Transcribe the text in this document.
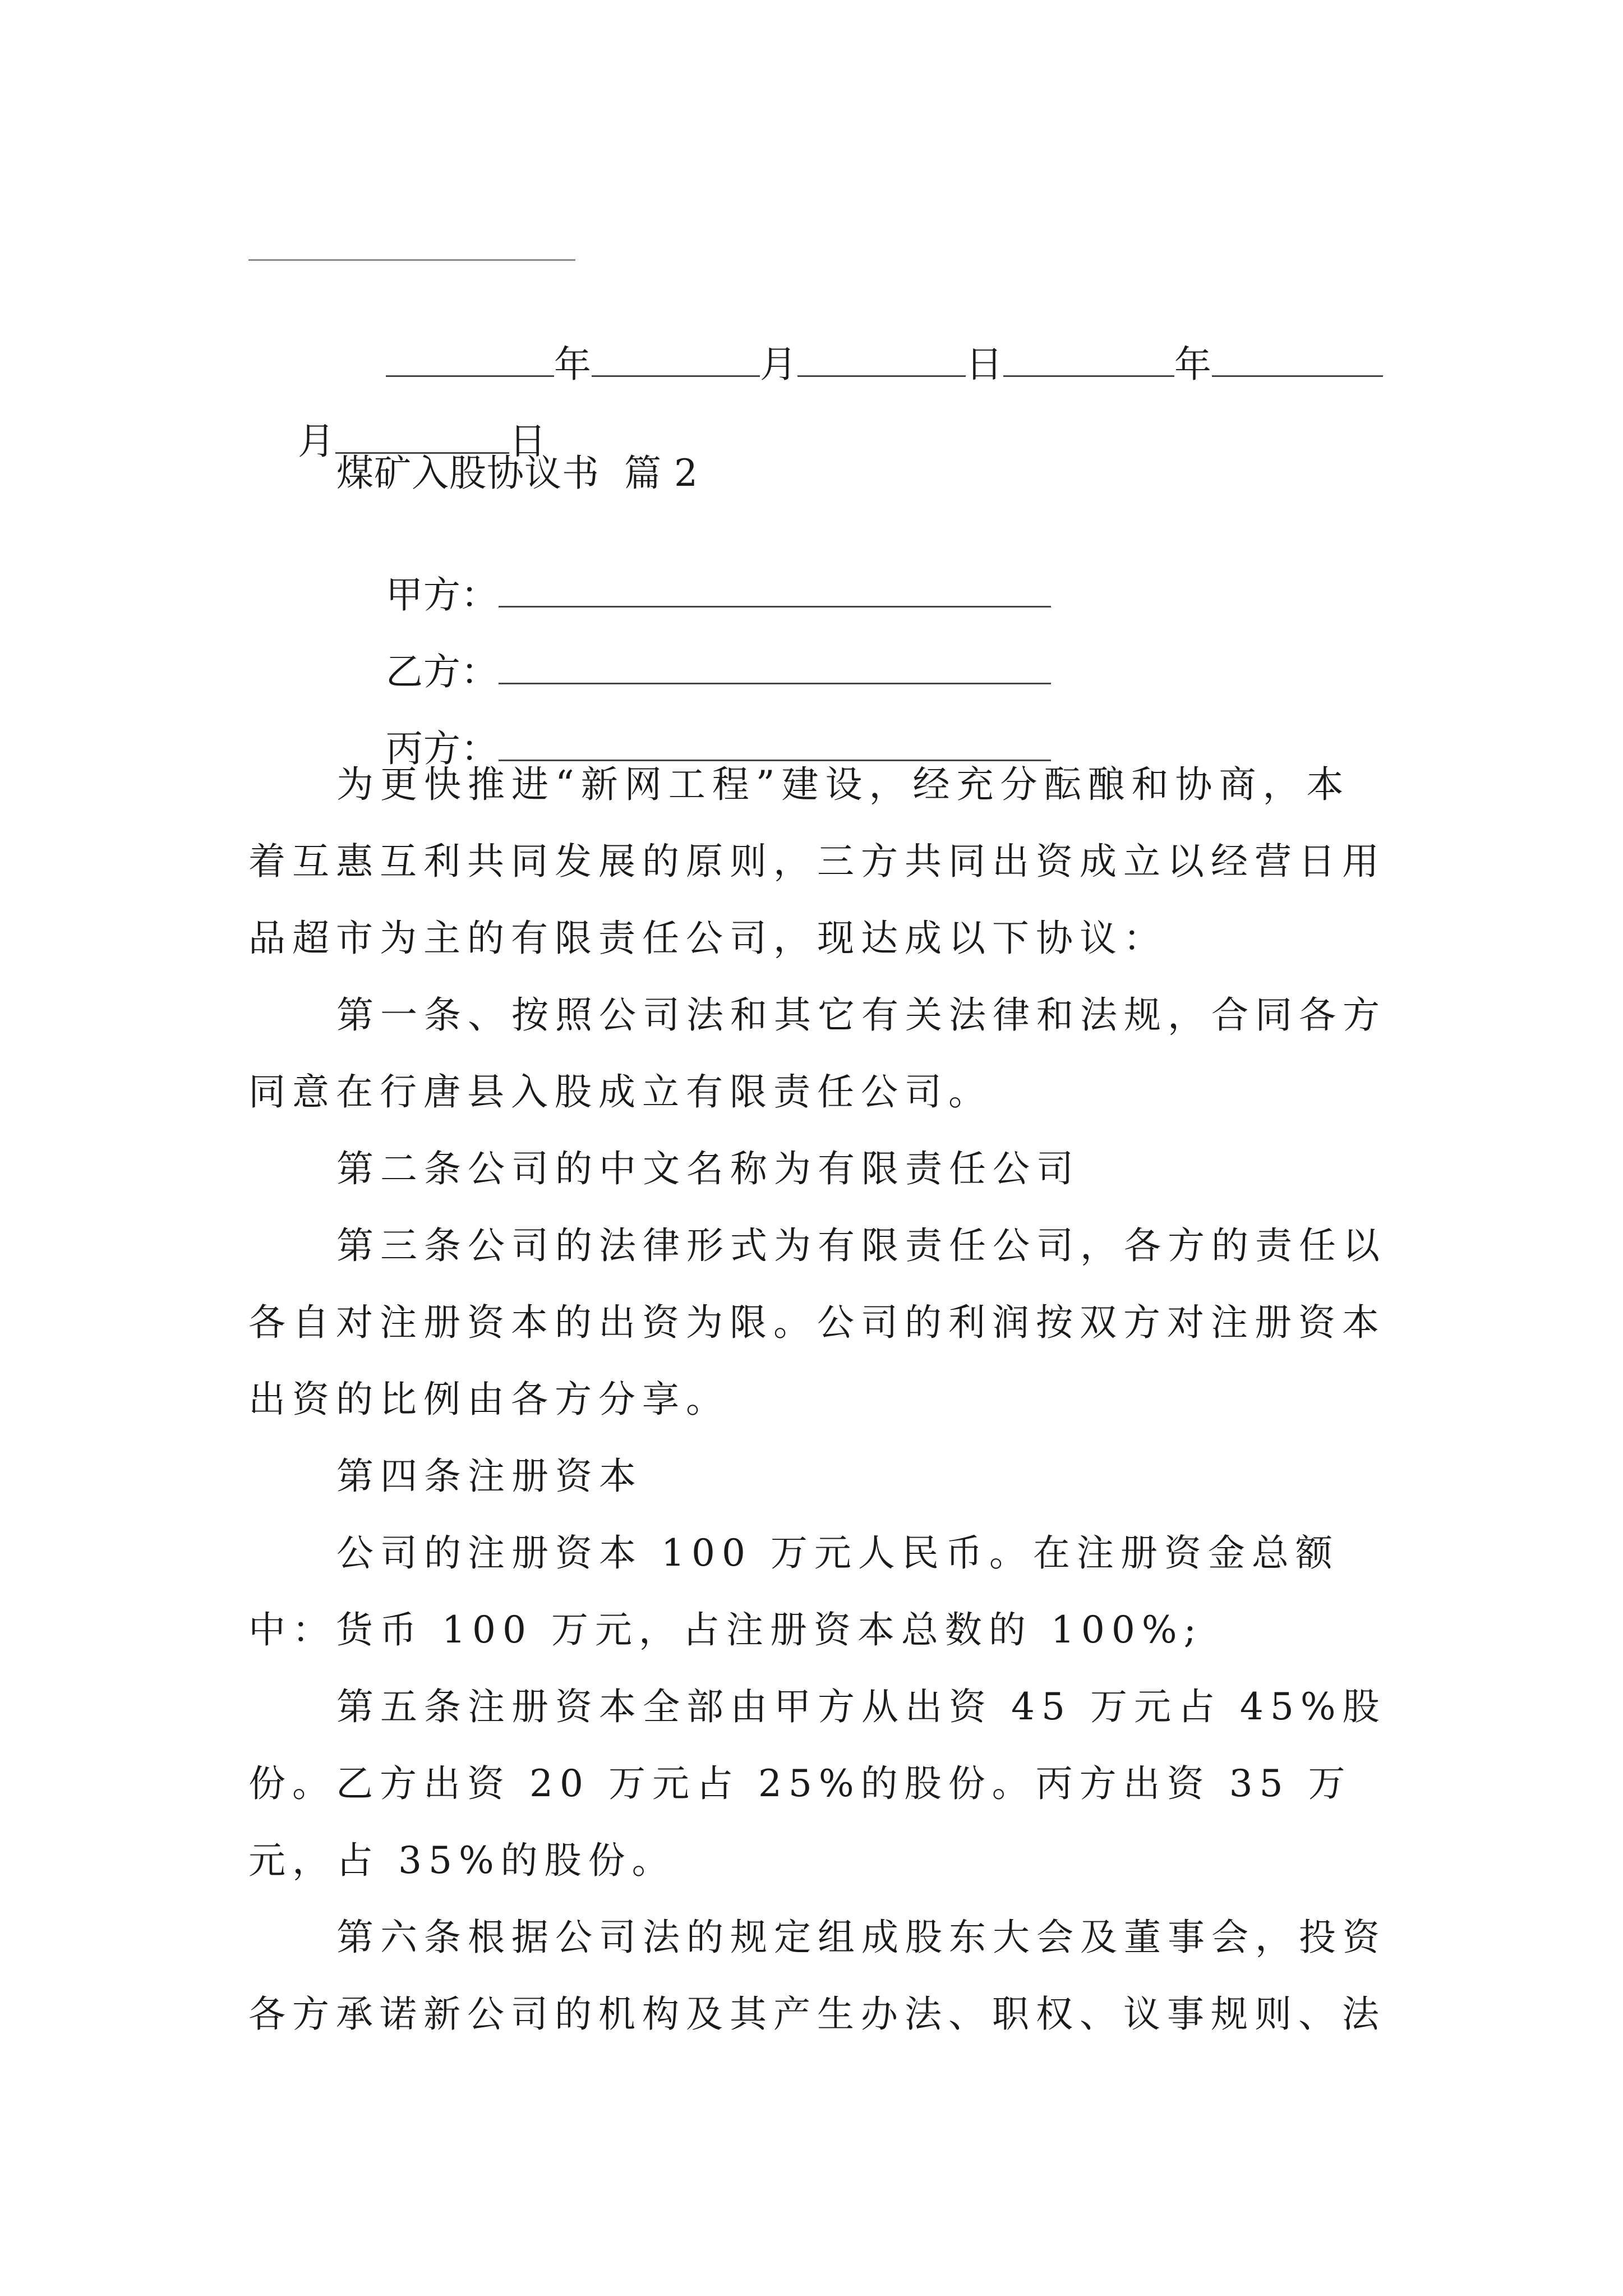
年	月	日	年

月	日

煤矿入股协议书  篇 2

甲方：

乙方：

丙方：

为更快推进“新网工程”建设，经充分酝酿和协商，本着互惠互利共同发展的原则，三方共同出资成立以经营日用品超市为主的有限责任公司，现达成以下协议：
第一条、按照公司法和其它有关法律和法规，合同各方同意在行唐县入股成立有限责任公司。
第二条公司的中文名称为有限责任公司
第三条公司的法律形式为有限责任公司，各方的责任以各自对注册资本的出资为限。公司的利润按双方对注册资本出资的比例由各方分享。
第四条注册资本
公司的注册资本 100 万元人民币。在注册资金总额中：货币 100 万元，占注册资本总数的 100%;
第五条注册资本全部由甲方从出资 45 万元占 45%股份。乙方出资 20 万元占 25%的股份。丙方出资 35 万元，占 35%的股份。
第六条根据公司法的规定组成股东大会及董事会，投资各方承诺新公司的机构及其产生办法、职权、议事规则、法
